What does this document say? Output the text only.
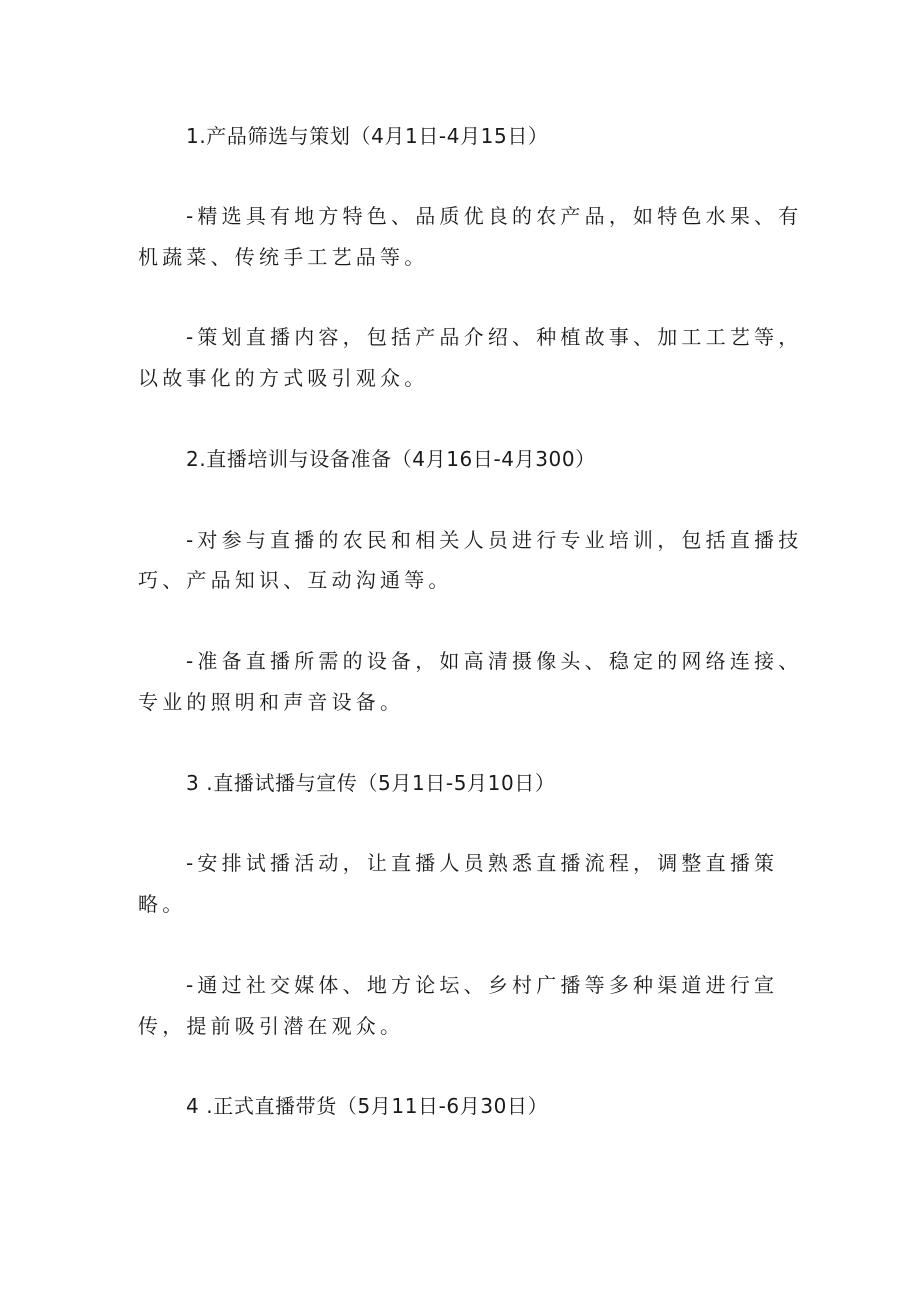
1.产品筛选与策划（4月1日-4月15日）
-精选具有地方特色、品质优良的农产品，如特色水果、有
机蔬菜、传统手工艺品等。
-策划直播内容，包括产品介绍、种植故事、加工工艺等，
以故事化的方式吸引观众。
2.直播培训与设备准备（4月16日-4月300）
-对参与直播的农民和相关人员进行专业培训，包括直播技
巧、产品知识、互动沟通等。
-准备直播所需的设备，如高清摄像头、稳定的网络连接、
专业的照明和声音设备。
3 .直播试播与宣传（5月1日-5月10日）
-安排试播活动，让直播人员熟悉直播流程，调整直播策
略。
-通过社交媒体、地方论坛、乡村广播等多种渠道进行宣
传，提前吸引潜在观众。
4 .正式直播带货（5月11日-6月30日）
